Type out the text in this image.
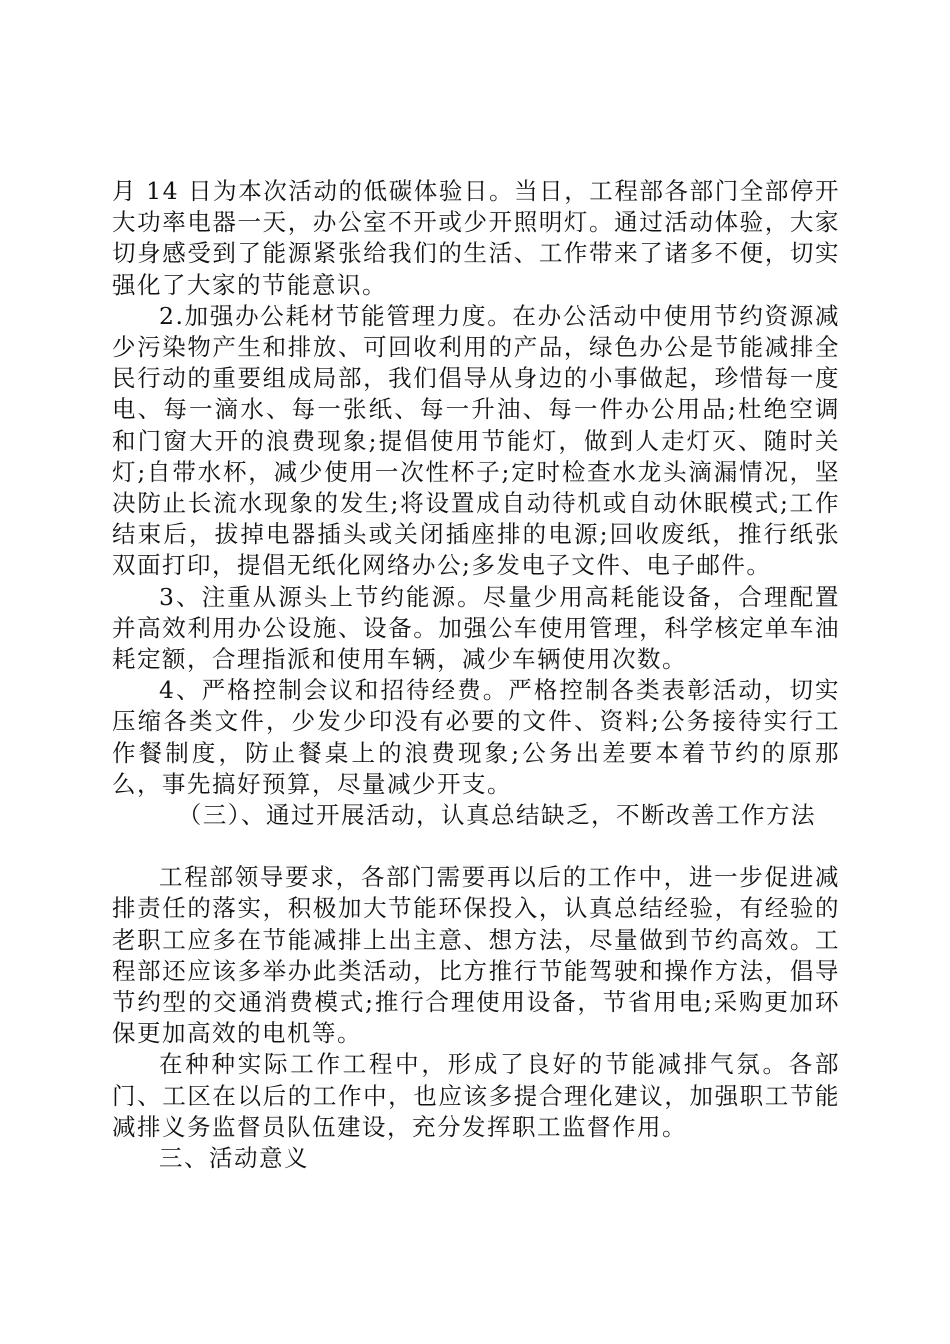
月 14 日为本次活动的低碳体验日。当日，工程部各部门全部停开大功率电器一天，办公室不开或少开照明灯。通过活动体验，大家切身感受到了能源紧张给我们的生活、工作带来了诸多不便，切实强化了大家的节能意识。

2.加强办公耗材节能管理力度。在办公活动中使用节约资源减少污染物产生和排放、可回收利用的产品，绿色办公是节能减排全民行动的重要组成局部，我们倡导从身边的小事做起，珍惜每一度电、每一滴水、每一张纸、每一升油、每一件办公用品;杜绝空调和门窗大开的浪费现象;提倡使用节能灯，做到人走灯灭、随时关灯;自带水杯，减少使用一次性杯子;定时检查水龙头滴漏情况，坚决防止长流水现象的发生;将设置成自动待机或自动休眠模式;工作结束后，拔掉电器插头或关闭插座排的电源;回收废纸，推行纸张双面打印，提倡无纸化网络办公;多发电子文件、电子邮件。

3、注重从源头上节约能源。尽量少用高耗能设备，合理配置并高效利用办公设施、设备。加强公车使用管理，科学核定单车油耗定额，合理指派和使用车辆，减少车辆使用次数。

4、严格控制会议和招待经费。严格控制各类表彰活动，切实压缩各类文件，少发少印没有必要的文件、资料;公务接待实行工作餐制度，防止餐桌上的浪费现象;公务出差要本着节约的原那么，事先搞好预算，尽量减少开支。

（三）、通过开展活动，认真总结缺乏，不断改善工作方法

工程部领导要求，各部门需要再以后的工作中，进一步促进减排责任的落实，积极加大节能环保投入，认真总结经验，有经验的老职工应多在节能减排上出主意、想方法，尽量做到节约高效。工程部还应该多举办此类活动，比方推行节能驾驶和操作方法，倡导节约型的交通消费模式;推行合理使用设备，节省用电;采购更加环保更加高效的电机等。

在种种实际工作工程中，形成了良好的节能减排气氛。各部门、工区在以后的工作中，也应该多提合理化建议，加强职工节能减排义务监督员队伍建设，充分发挥职工监督作用。

三、活动意义
